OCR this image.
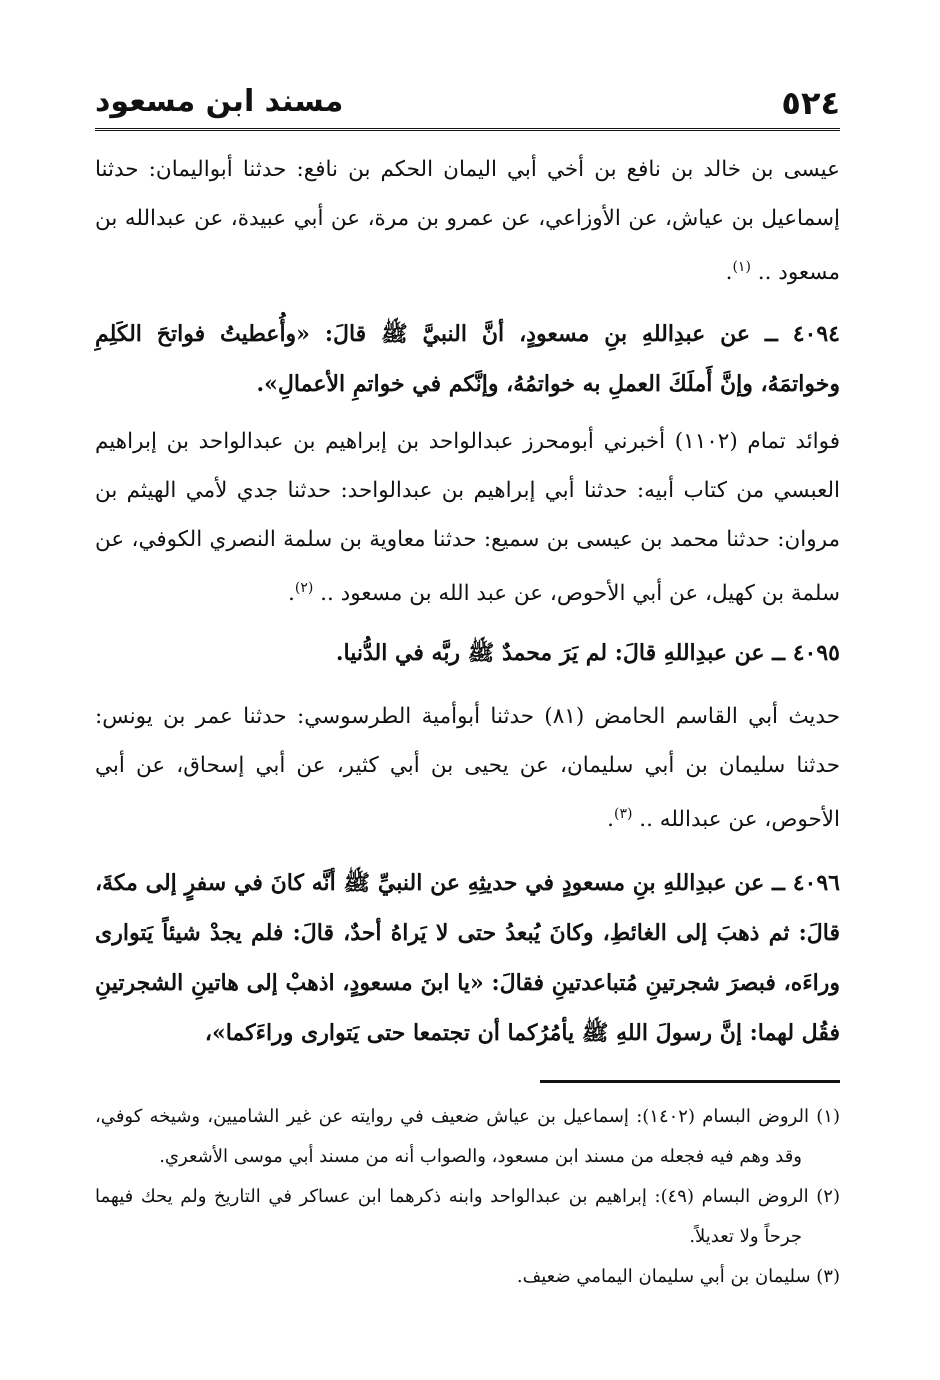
٥٢٤
مسند ابن مسعود

عيسى بن خالد بن نافع بن أخي أبي اليمان الحكم بن نافع: حدثنا أبواليمان: حدثنا إسماعيل بن عياش، عن الأوزاعي، عن عمرو بن مرة، عن أبي عبيدة، عن عبدالله بن مسعود .. $^{(١)}$.

٤٠٩٤ ــ عن عبدِاللهِ بنِ مسعودٍ، أنَّ النبيَّ ﷺ قالَ: «وأُعطيتُ فواتحَ الكَلِمِ وخواتمَهُ، وإنَّ أَملَكَ العملِ به خواتمُهُ، وإنَّكم في خواتمِ الأعمالِ».

فوائد تمام (١١٠٢) أخبرني أبومحرز عبدالواحد بن إبراهيم بن عبدالواحد بن إبراهيم العبسي من كتاب أبيه: حدثنا أبي إبراهيم بن عبدالواحد: حدثنا جدي لأمي الهيثم بن مروان: حدثنا محمد بن عيسى بن سميع: حدثنا معاوية بن سلمة النصري الكوفي، عن سلمة بن كهيل، عن أبي الأحوص، عن عبد الله بن مسعود .. $^{(٢)}$.

٤٠٩٥ ــ عن عبدِاللهِ قالَ: لم يَرَ محمدٌ ﷺ ربَّه في الدُّنيا.

حديث أبي القاسم الحامض (٨١) حدثنا أبوأمية الطرسوسي: حدثنا عمر بن يونس: حدثنا سليمان بن أبي سليمان، عن يحيى بن أبي كثير، عن أبي إسحاق، عن أبي الأحوص، عن عبدالله .. $^{(٣)}$.

٤٠٩٦ ــ عن عبدِاللهِ بنِ مسعودٍ في حديثِهِ عن النبيِّ ﷺ أنَّه كانَ في سفرٍ إلى مكةَ، قالَ: ثم ذهبَ إلى الغائطِ، وكانَ يُبعدُ حتى لا يَراهُ أحدٌ، قالَ: فلم يجدْ شيئاً يَتوارى وراءَه، فبصرَ شجرتينِ مُتباعدتينِ فقالَ: «يا ابنَ مسعودٍ، اذهبْ إلى هاتينِ الشجرتينِ فقُل لهما: إنَّ رسولَ اللهِ ﷺ يأمُرُكما أن تجتمعا حتى يَتوارى وراءَكما»،

(١) الروض البسام (١٤٠٢): إسماعيل بن عياش ضعيف في روايته عن غير الشاميين، وشيخه كوفي، وقد وهم فيه فجعله من مسند ابن مسعود، والصواب أنه من مسند أبي موسى الأشعري.

(٢) الروض البسام (٤٩): إبراهيم بن عبدالواحد وابنه ذكرهما ابن عساكر في التاريخ ولم يحك فيهما جرحاً ولا تعديلاً.

(٣) سليمان بن أبي سليمان اليمامي ضعيف.
